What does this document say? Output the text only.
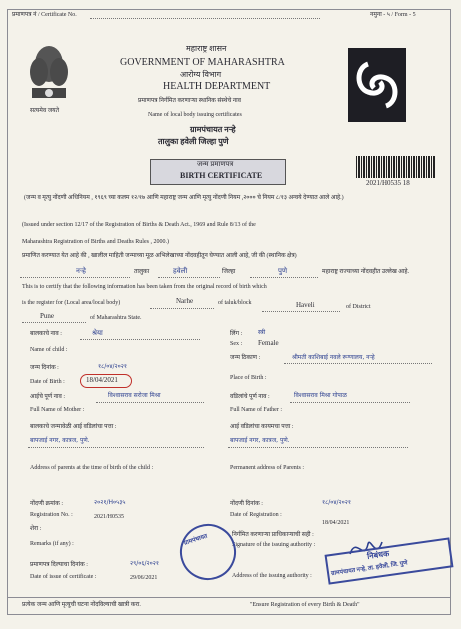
प्रमाणपत्र नं / Certificate No.	नमुना - ५ / Form - 5
सत्यमेव जयते
महाराष्ट्र शासन
GOVERNMENT OF MAHARASHTRA
आरोग्य विभाग
HEALTH DEPARTMENT
प्रमाणपत्र निर्गमित करणाऱ्या स्थानिक संस्थेचे नाव
Name of local body issuing certificates
ग्रामपंचायत नऱ्हे
तालुका हवेली जिल्हा पुणे
जन्म प्रमाणपत्र
BIRTH CERTIFICATE
2021/H0535 18
(जन्म व मृत्यु नोंदणी अधिनियम , १९६९ च्या कलम १२/१७ आणि महाराष्ट्र जन्म आणि मृत्यु नोंदणी नियम ,२००० चे नियम ८/१३ अन्वये देण्यात आले आहे.)
(Issued under section 12/17 of the Registration of Births & Death Act., 1969 and Rule 8/13 of the
Maharashtra Registration of Births and Deaths Rules , 2000.)
प्रमाणित करण्यात येत आहे की , खालील माहिती जन्माच्या मूळ अभिलेखाच्या नोंदवहीतून घेण्यात आली आहे, जी की (स्थानिक क्षेत्र)
नऱ्हे	तालुका	हवेली	जिल्हा	पुणे	महाराष्ट्र राज्याच्या नोंदवहीत उल्लेख आहे.
This is to certify that the following information has been taken from the original record of birth which
is the register for (Local area/local body)	Narhe	of taluk/block	Haveli	of District
Pune	of Maharashtra State.
बालकाचे नाव :	श्रेया
Name of child :
जन्म दिनांक :	१८/०४/२०२१
Date of Birth :	18/04/2021
आईचे पूर्ण नाव :	विश्वासराव सरोजा मिश्रा
Full Name of Mother :
बालकाचे जन्मावेळी आई वडिलांचा पत्ता :
बापजाई नगर, कात्रज, पुणे.
Address of parents at the time of birth of the child :
लिंग :	स्त्री
Sex : Female
जन्म ठिकाण :	श्रीमती काशिबाई नवले रूग्णालय, नऱ्हे
Place of Birth :
वडिलांचे पूर्ण नाव :	विश्वासराव मिश्रा गोपाळ
Full Name of Father :
आई वडिलांचा कायमचा पत्ता :
बापजाई नगर, कात्रज, पुणे.
Permanent address of Parents :
नोंदणी क्रमांक :	२०२१/H०५३५
Registration No. :	2021/H0535
शेरा :
Remarks (if any) :
प्रमाणपत्र दिल्याचा दिनांक :	२९/०६/२०२१
Date of issue of certificate :	29/06/2021
नोंदणी दिनांक :	१८/०४/२०२१
Date of Registration :
18/04/2021
निर्गमित करणाऱ्या प्राधिकाऱ्याची सही :
Signature of the issuing authority :
Address of the issuing authority :
ग्रामपंचायत
निबंधक
ग्रामपंचायत नऱ्हे, ता. हवेली, जि. पुणे
प्रत्येक जन्म आणि मृत्युची घटना नोंदविल्याची खात्री करा.	"Ensure Registration of every Birth & Death"
